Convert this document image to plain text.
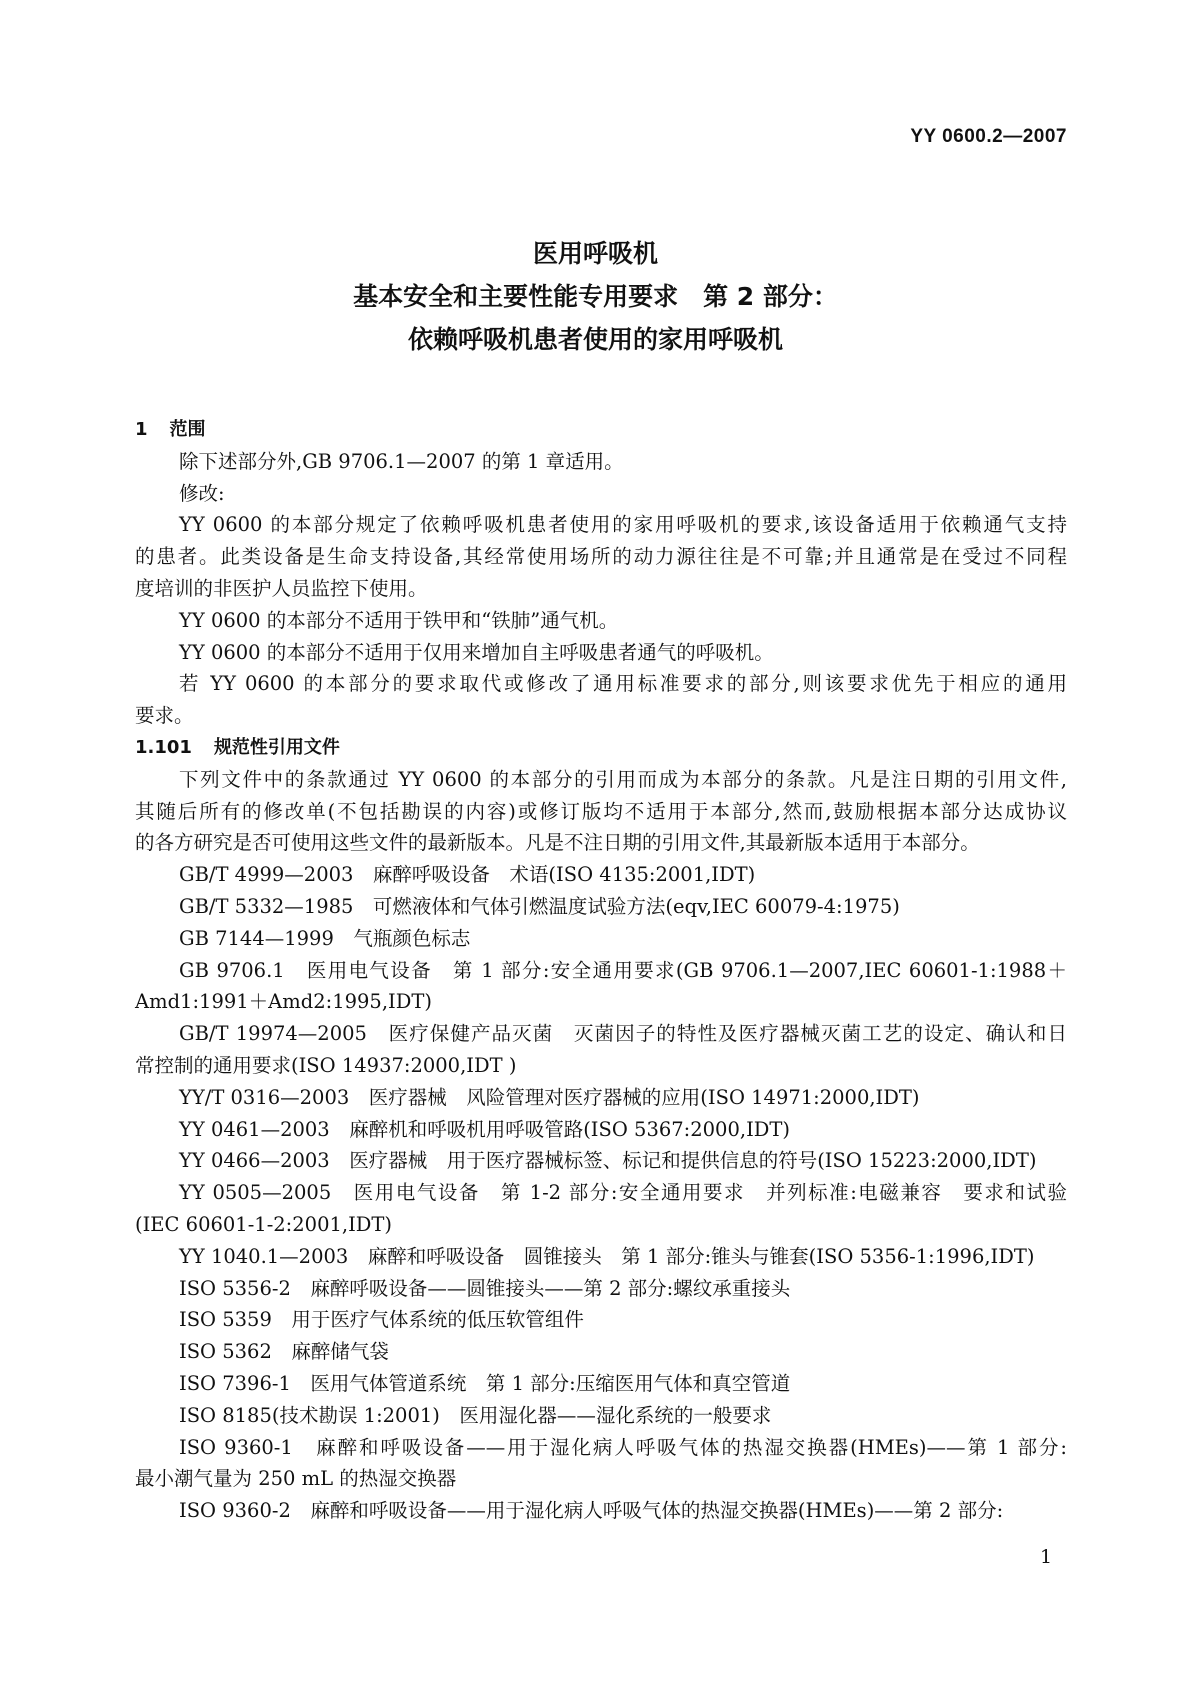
YY 0600.2—2007
医用呼吸机
基本安全和主要性能专用要求　第 2 部分：
依赖呼吸机患者使用的家用呼吸机
1 范围
除下述部分外,GB 9706.1—2007 的第 1 章适用。
修改:
YY 0600 的本部分规定了依赖呼吸机患者使用的家用呼吸机的要求,该设备适用于依赖通气支持
的患者。此类设备是生命支持设备,其经常使用场所的动力源往往是不可靠;并且通常是在受过不同程
度培训的非医护人员监控下使用。
YY 0600 的本部分不适用于铁甲和“铁肺”通气机。
YY 0600 的本部分不适用于仅用来增加自主呼吸患者通气的呼吸机。
若 YY 0600 的本部分的要求取代或修改了通用标准要求的部分,则该要求优先于相应的通用
要求。
1.101 规范性引用文件
下列文件中的条款通过 YY 0600 的本部分的引用而成为本部分的条款。凡是注日期的引用文件,
其随后所有的修改单(不包括勘误的内容)或修订版均不适用于本部分,然而,鼓励根据本部分达成协议
的各方研究是否可使用这些文件的最新版本。凡是不注日期的引用文件,其最新版本适用于本部分。
GB/T 4999—2003　麻醉呼吸设备　术语(ISO 4135:2001,IDT)
GB/T 5332—1985　可燃液体和气体引燃温度试验方法(eqv,IEC 60079-4:1975)
GB 7144—1999　气瓶颜色标志
GB 9706.1　医用电气设备　第 1 部分:安全通用要求(GB 9706.1—2007,IEC 60601-1:1988＋
Amd1:1991＋Amd2:1995,IDT)
GB/T 19974—2005　医疗保健产品灭菌　灭菌因子的特性及医疗器械灭菌工艺的设定、确认和日
常控制的通用要求(ISO 14937:2000,IDT )
YY/T 0316—2003　医疗器械　风险管理对医疗器械的应用(ISO 14971:2000,IDT)
YY 0461—2003　麻醉机和呼吸机用呼吸管路(ISO 5367:2000,IDT)
YY 0466—2003　医疗器械　用于医疗器械标签、标记和提供信息的符号(ISO 15223:2000,IDT)
YY 0505—2005　医用电气设备　第 1-2 部分:安全通用要求　并列标准:电磁兼容　要求和试验
(IEC 60601-1-2:2001,IDT)
YY 1040.1—2003　麻醉和呼吸设备　圆锥接头　第 1 部分:锥头与锥套(ISO 5356-1:1996,IDT)
ISO 5356-2　麻醉呼吸设备——圆锥接头——第 2 部分:螺纹承重接头
ISO 5359　用于医疗气体系统的低压软管组件
ISO 5362　麻醉储气袋
ISO 7396-1　医用气体管道系统　第 1 部分:压缩医用气体和真空管道
ISO 8185(技术勘误 1:2001)　医用湿化器——湿化系统的一般要求
ISO 9360-1　麻醉和呼吸设备——用于湿化病人呼吸气体的热湿交换器(HMEs)——第 1 部分:
最小潮气量为 250 mL 的热湿交换器
ISO 9360-2　麻醉和呼吸设备——用于湿化病人呼吸气体的热湿交换器(HMEs)——第 2 部分:
1
